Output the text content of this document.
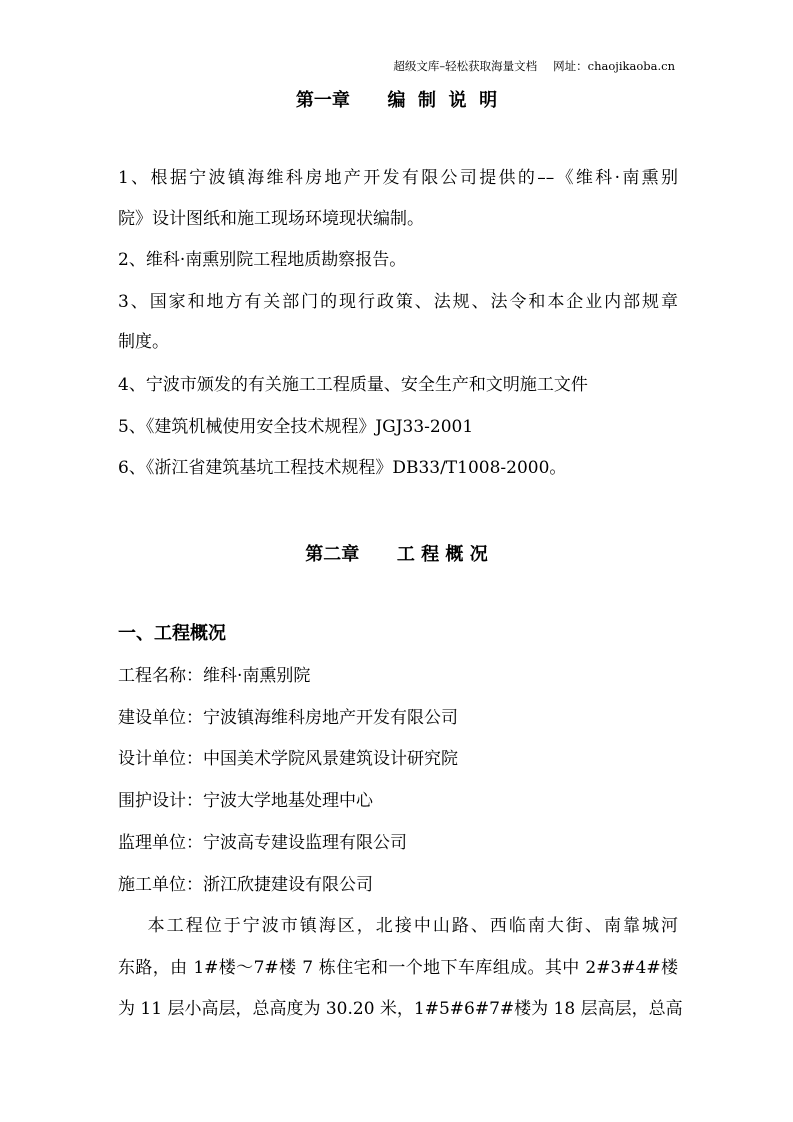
超级文库–轻松获取海量文档 网址：chaojikaoba.cn
第一章      编  制  说  明
1、根据宁波镇海维科房地产开发有限公司提供的––《维科·南熏别
院》设计图纸和施工现场环境现状编制。
2、维科·南熏别院工程地质勘察报告。
3、国家和地方有关部门的现行政策、法规、法令和本企业内部规章
制度。
4、宁波市颁发的有关施工工程质量、安全生产和文明施工文件
5、《建筑机械使用安全技术规程》JGJ33-2001
6、《浙江省建筑基坑工程技术规程》DB33/T1008-2000。
第二章      工 程 概 况
一、工程概况
工程名称：维科·南熏别院
建设单位：宁波镇海维科房地产开发有限公司
设计单位：中国美术学院风景建筑设计研究院
围护设计：宁波大学地基处理中心
监理单位：宁波高专建设监理有限公司
施工单位：浙江欣捷建设有限公司
本工程位于宁波市镇海区，北接中山路、西临南大街、南靠城河
东路，由 1#楼～7#楼 7 栋住宅和一个地下车库组成。其中 2#3#4#楼
为 11 层小高层，总高度为 30.20 米，1#5#6#7#楼为 18 层高层，总高
